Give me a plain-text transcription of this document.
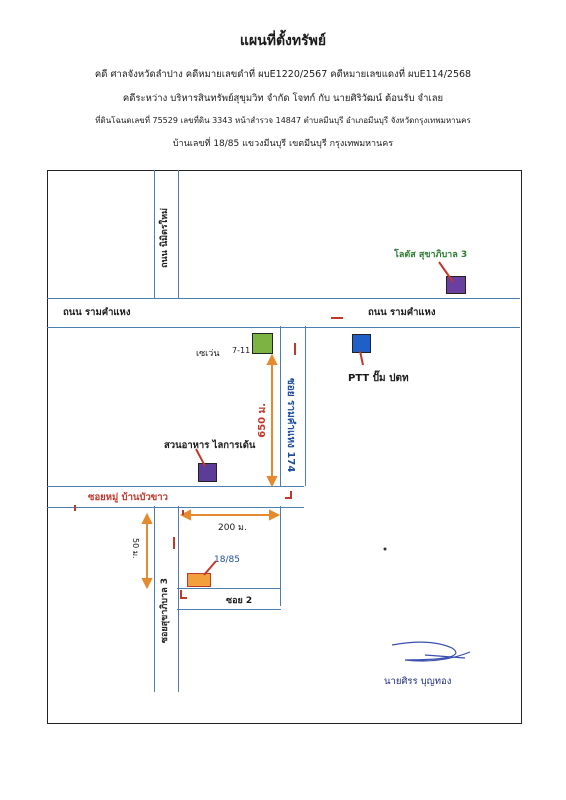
แผนที่ตั้งทรัพย์
คดี ศาลจังหวัดลำปาง คดีหมายเลขดำที่ ผบE1220/2567 คดีหมายเลขแดงที่ ผบE114/2568
คดีระหว่าง บริหารสินทรัพย์สุขุมวิท จำกัด โจทก์ กับ นายศิริวัฒน์ ต้อนรับ จำเลย
ที่ดินโฉนดเลขที่ 75529 เลขที่ดิน 3343 หน้าสำรวจ 14847 ตำบลมีนบุรี อำเภอมีนบุรี จังหวัดกรุงเทพมหานคร
บ้านเลขที่ 18/85 แขวงมีนบุรี เขตมีนบุรี กรุงเทพมหานคร
ถนน นิมิตรใหม่
ถนน รามคำแหง	ถนน รามคำแหง
ซอย รามคำแหง 174
ซอยหมู่ บ้านบัวขาว
ซอยสุขาภิบาล 3	ซอย 2
โลตัส สุขาภิบาล 3
เซเว่น 7-11
PTT ปั๊ม ปตท
สวนอาหาร ไลการเด้น
18/85
650 ม.
200 ม.
50 ม.
นายศิรร บุญทอง
